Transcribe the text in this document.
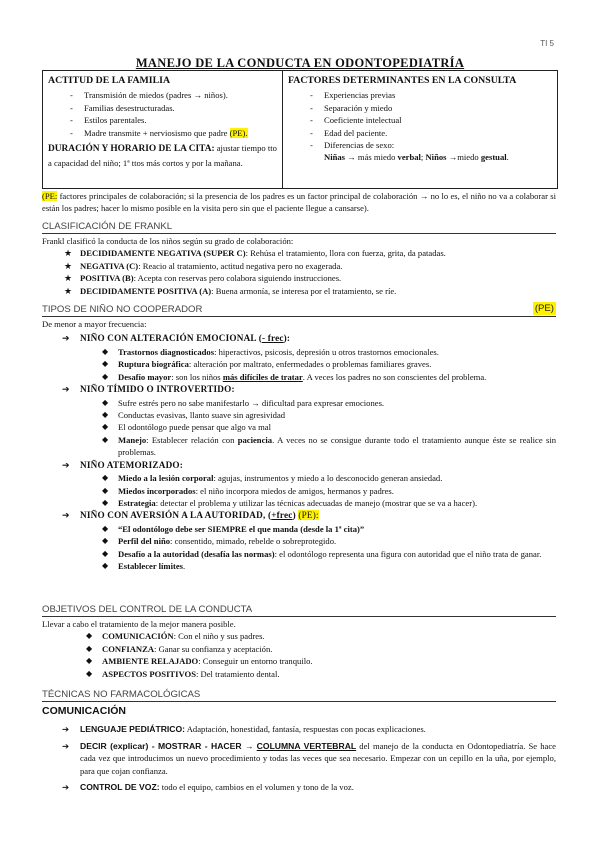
TI 5
MANEJO DE LA CONDUCTA EN ODONTOPEDIATRÍA
ACTITUD DE LA FAMILIA
- Transmisión de miedos (padres → niños).
- Familias desestructuradas.
- Estilos parentales.
- Madre transmite + nerviosismo que padre (PE).
DURACIÓN Y HORARIO DE LA CITA: ajustar tiempo tto a capacidad del niño; 1ª ttos más cortos y por la mañana.
FACTORES DETERMINANTES EN LA CONSULTA
- Experiencias previas
- Separación y miedo
- Coeficiente intelectual
- Edad del paciente.
- Diferencias de sexo:
Niñas → más miedo verbal; Niños →miedo gestual.
(PE: factores principales de colaboración; si la presencia de los padres es un factor principal de colaboración → no lo es, el niño no va a colaborar si están los padres; hacer lo mismo posible en la visita pero sin que el paciente llegue a cansarse).
CLASIFICACIÓN DE FRANKL
Frankl clasificó la conducta de los niños según su grado de colaboración:
★ DECIDIDAMENTE NEGATIVA (SUPER C): Rehúsa el tratamiento, llora con fuerza, grita, da patadas.
★ NEGATIVA (C): Reacio al tratamiento, actitud negativa pero no exagerada.
★ POSITIVA (B): Acepta con reservas pero colabora siguiendo instrucciones.
★ DECIDIDAMENTE POSITIVA (A): Buena armonía, se interesa por el tratamiento, se ríe.
TIPOS DE NIÑO NO COOPERADOR	(PE)
De menor a mayor frecuencia:
➔ NIÑO CON ALTERACIÓN EMOCIONAL (- frec):
◆ Trastornos diagnosticados: hiperactivos, psicosis, depresión u otros trastornos emocionales.
◆ Ruptura biográfica: alteración por maltrato, enfermedades o problemas familiares graves.
◆ Desafío mayor: son los niños más difíciles de tratar. A veces los padres no son conscientes del problema.
➔ NIÑO TÍMIDO O INTROVERTIDO:
◆ Sufre estrés pero no sabe manifestarlo → dificultad para expresar emociones.
◆ Conductas evasivas, llanto suave sin agresividad
◆ El odontólogo puede pensar que algo va mal
◆ Manejo: Establecer relación con paciencia. A veces no se consigue durante todo el tratamiento aunque éste se realice sin problemas.
➔ NIÑO ATEMORIZADO:
◆ Miedo a la lesión corporal: agujas, instrumentos y miedo a lo desconocido generan ansiedad.
◆ Miedos incorporados: el niño incorpora miedos de amigos, hermanos y padres.
◆ Estrategia: detectar el problema y utilizar las técnicas adecuadas de manejo (mostrar que se va a hacer).
➔ NIÑO CON AVERSIÓN A LA AUTORIDAD, (+frec) (PE):
◆ “El odontólogo debe ser SIEMPRE el que manda (desde la 1ª cita)”
◆ Perfil del niño: consentido, mimado, rebelde o sobreprotegido.
◆ Desafío a la autoridad (desafía las normas): el odontólogo representa una figura con autoridad que el niño trata de ganar.
◆ Establecer límites.
OBJETIVOS DEL CONTROL DE LA CONDUCTA
Llevar a cabo el tratamiento de la mejor manera posible.
◆ COMUNICACIÓN: Con el niño y sus padres.
◆ CONFIANZA: Ganar su confianza y aceptación.
◆ AMBIENTE RELAJADO: Conseguir un entorno tranquilo.
◆ ASPECTOS POSITIVOS: Del tratamiento dental.
TÉCNICAS NO FARMACOLÓGICAS
COMUNICACIÓN
➔ LENGUAJE PEDIÁTRICO: Adaptación, honestidad, fantasía, respuestas con pocas explicaciones.
➔ DECIR (explicar) - MOSTRAR - HACER → COLUMNA VERTEBRAL del manejo de la conducta en Odontopediatría. Se hace cada vez que introducimos un nuevo procedimiento y todas las veces que sea necesario. Empezar con un cepillo en la uña, por ejemplo, para que cojan confianza.
➔ CONTROL DE VOZ: todo el equipo, cambios en el volumen y tono de la voz.
